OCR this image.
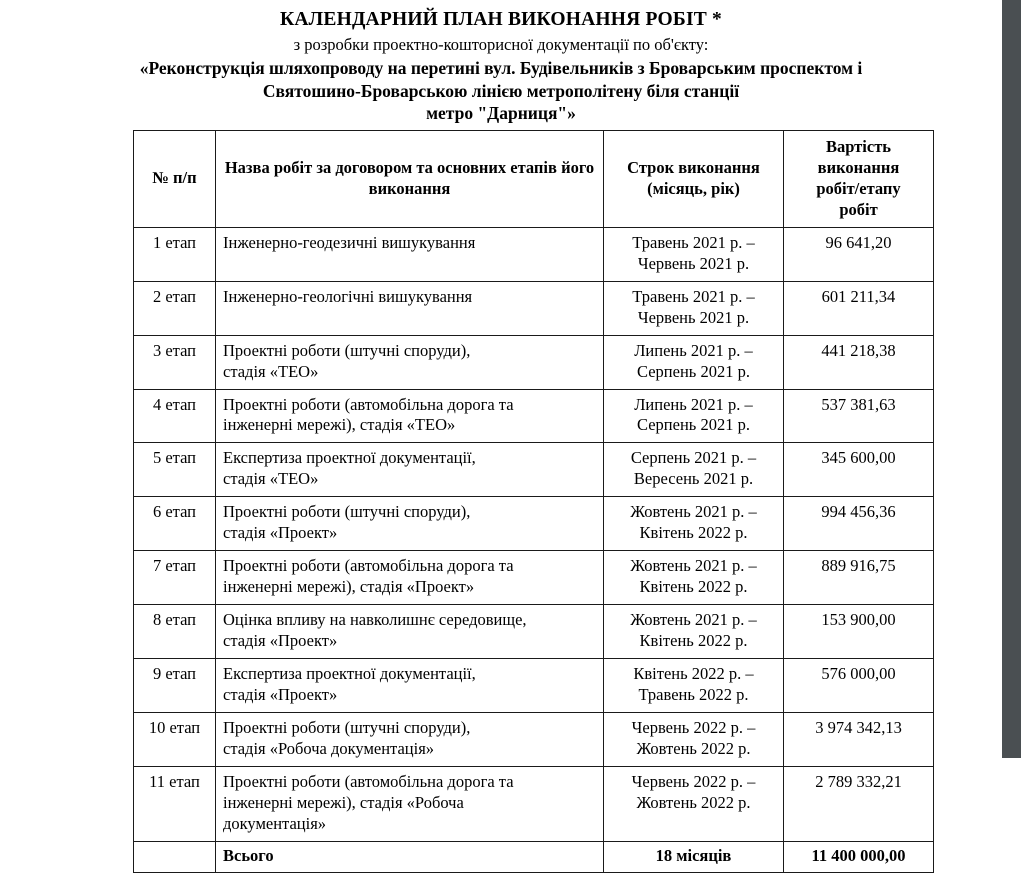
КАЛЕНДАРНИЙ ПЛАН ВИКОНАННЯ РОБІТ *
з розробки проектно-кошторисної документації по об'єкту:
«Реконструкція шляхопроводу на перетині вул. Будівельників з Броварським проспектом і
Святошино-Броварською лінією метрополітену біля станції
метро "Дарниця"»
№ п/п	Назва робіт за договором та основних етапів його виконання	Строк виконання
(місяць, рік)	Вартість
виконання
робіт/етапу
робіт
1 етап	Інженерно-геодезичні вишукування	Травень 2021 р. –
Червень 2021 р.	96 641,20
2 етап	Інженерно-геологічні вишукування	Травень 2021 р. –
Червень 2021 р.	601 211,34
3 етап	Проектні роботи (штучні споруди),
стадія «ТЕО»	Липень 2021 р. –
Серпень 2021 р.	441 218,38
4 етап	Проектні роботи (автомобільна дорога та
інженерні мережі), стадія «ТЕО»	Липень 2021 р. –
Серпень 2021 р.	537 381,63
5 етап	Експертиза проектної документації,
стадія «ТЕО»	Серпень 2021 р. –
Вересень 2021 р.	345 600,00
6 етап	Проектні роботи (штучні споруди),
стадія «Проект»	Жовтень 2021 р. –
Квітень 2022 р.	994 456,36
7 етап	Проектні роботи (автомобільна дорога та
інженерні мережі), стадія «Проект»	Жовтень 2021 р. –
Квітень 2022 р.	889 916,75
8 етап	Оцінка впливу на навколишнє середовище,
стадія «Проект»	Жовтень 2021 р. –
Квітень 2022 р.	153 900,00
9 етап	Експертиза проектної документації,
стадія «Проект»	Квітень 2022 р. –
Травень 2022 р.	576 000,00
10 етап	Проектні роботи (штучні споруди),
стадія «Робоча документація»	Червень 2022 р. –
Жовтень 2022 р.	3 974 342,13
11 етап	Проектні роботи (автомобільна дорога та
інженерні мережі), стадія «Робоча
документація»	Червень 2022 р. –
Жовтень 2022 р.	2 789 332,21
	Всього	18 місяців	11 400 000,00
